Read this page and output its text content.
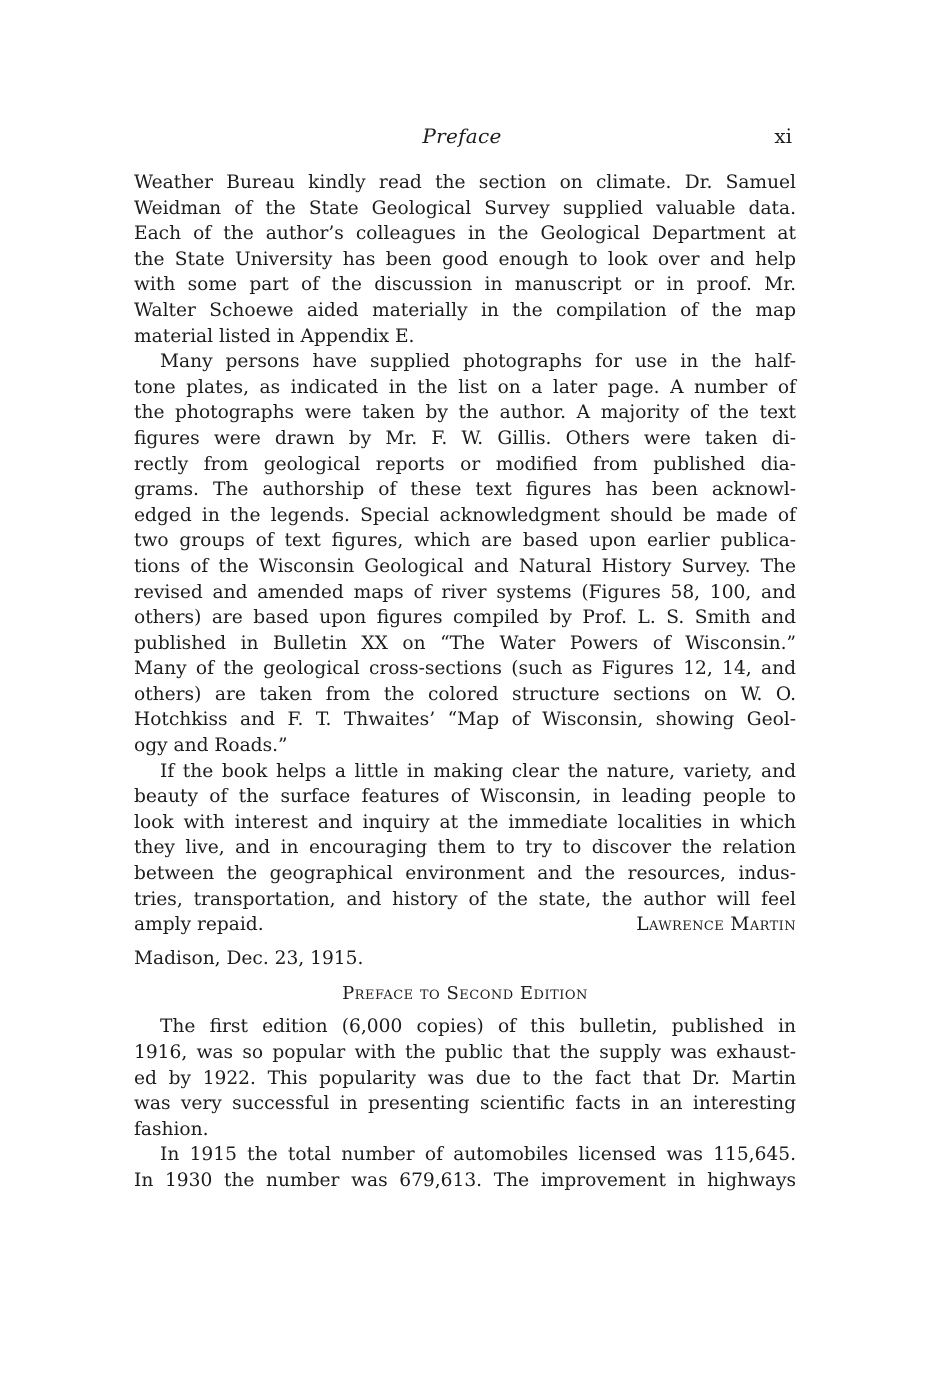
Preface	xi
Weather Bureau kindly read the section on climate. Dr. Samuel
Weidman of the State Geological Survey supplied valuable data.
Each of the author’s colleagues in the Geological Department at
the State University has been good enough to look over and help
with some part of the discussion in manuscript or in proof. Mr.
Walter Schoewe aided materially in the compilation of the map
material listed in Appendix E.
Many persons have supplied photographs for use in the half-
tone plates, as indicated in the list on a later page. A number of
the photographs were taken by the author. A majority of the text
figures were drawn by Mr. F. W. Gillis. Others were taken di-
rectly from geological reports or modified from published dia-
grams. The authorship of these text figures has been acknowl-
edged in the legends. Special acknowledgment should be made of
two groups of text figures, which are based upon earlier publica-
tions of the Wisconsin Geological and Natural History Survey. The
revised and amended maps of river systems (Figures 58, 100, and
others) are based upon figures compiled by Prof. L. S. Smith and
published in Bulletin XX on “The Water Powers of Wisconsin.”
Many of the geological cross-sections (such as Figures 12, 14, and
others) are taken from the colored structure sections on W. O.
Hotchkiss and F. T. Thwaites’ “Map of Wisconsin, showing Geol-
ogy and Roads.”
If the book helps a little in making clear the nature, variety, and
beauty of the surface features of Wisconsin, in leading people to
look with interest and inquiry at the immediate localities in which
they live, and in encouraging them to try to discover the relation
between the geographical environment and the resources, indus-
tries, transportation, and history of the state, the author will feel
amply repaid.	Lawrence Martin
Madison, Dec. 23, 1915.
Preface to Second Edition
The first edition (6,000 copies) of this bulletin, published in
1916, was so popular with the public that the supply was exhaust-
ed by 1922. This popularity was due to the fact that Dr. Martin
was very successful in presenting scientific facts in an interesting
fashion.
In 1915 the total number of automobiles licensed was 115,645.
In 1930 the number was 679,613. The improvement in highways
